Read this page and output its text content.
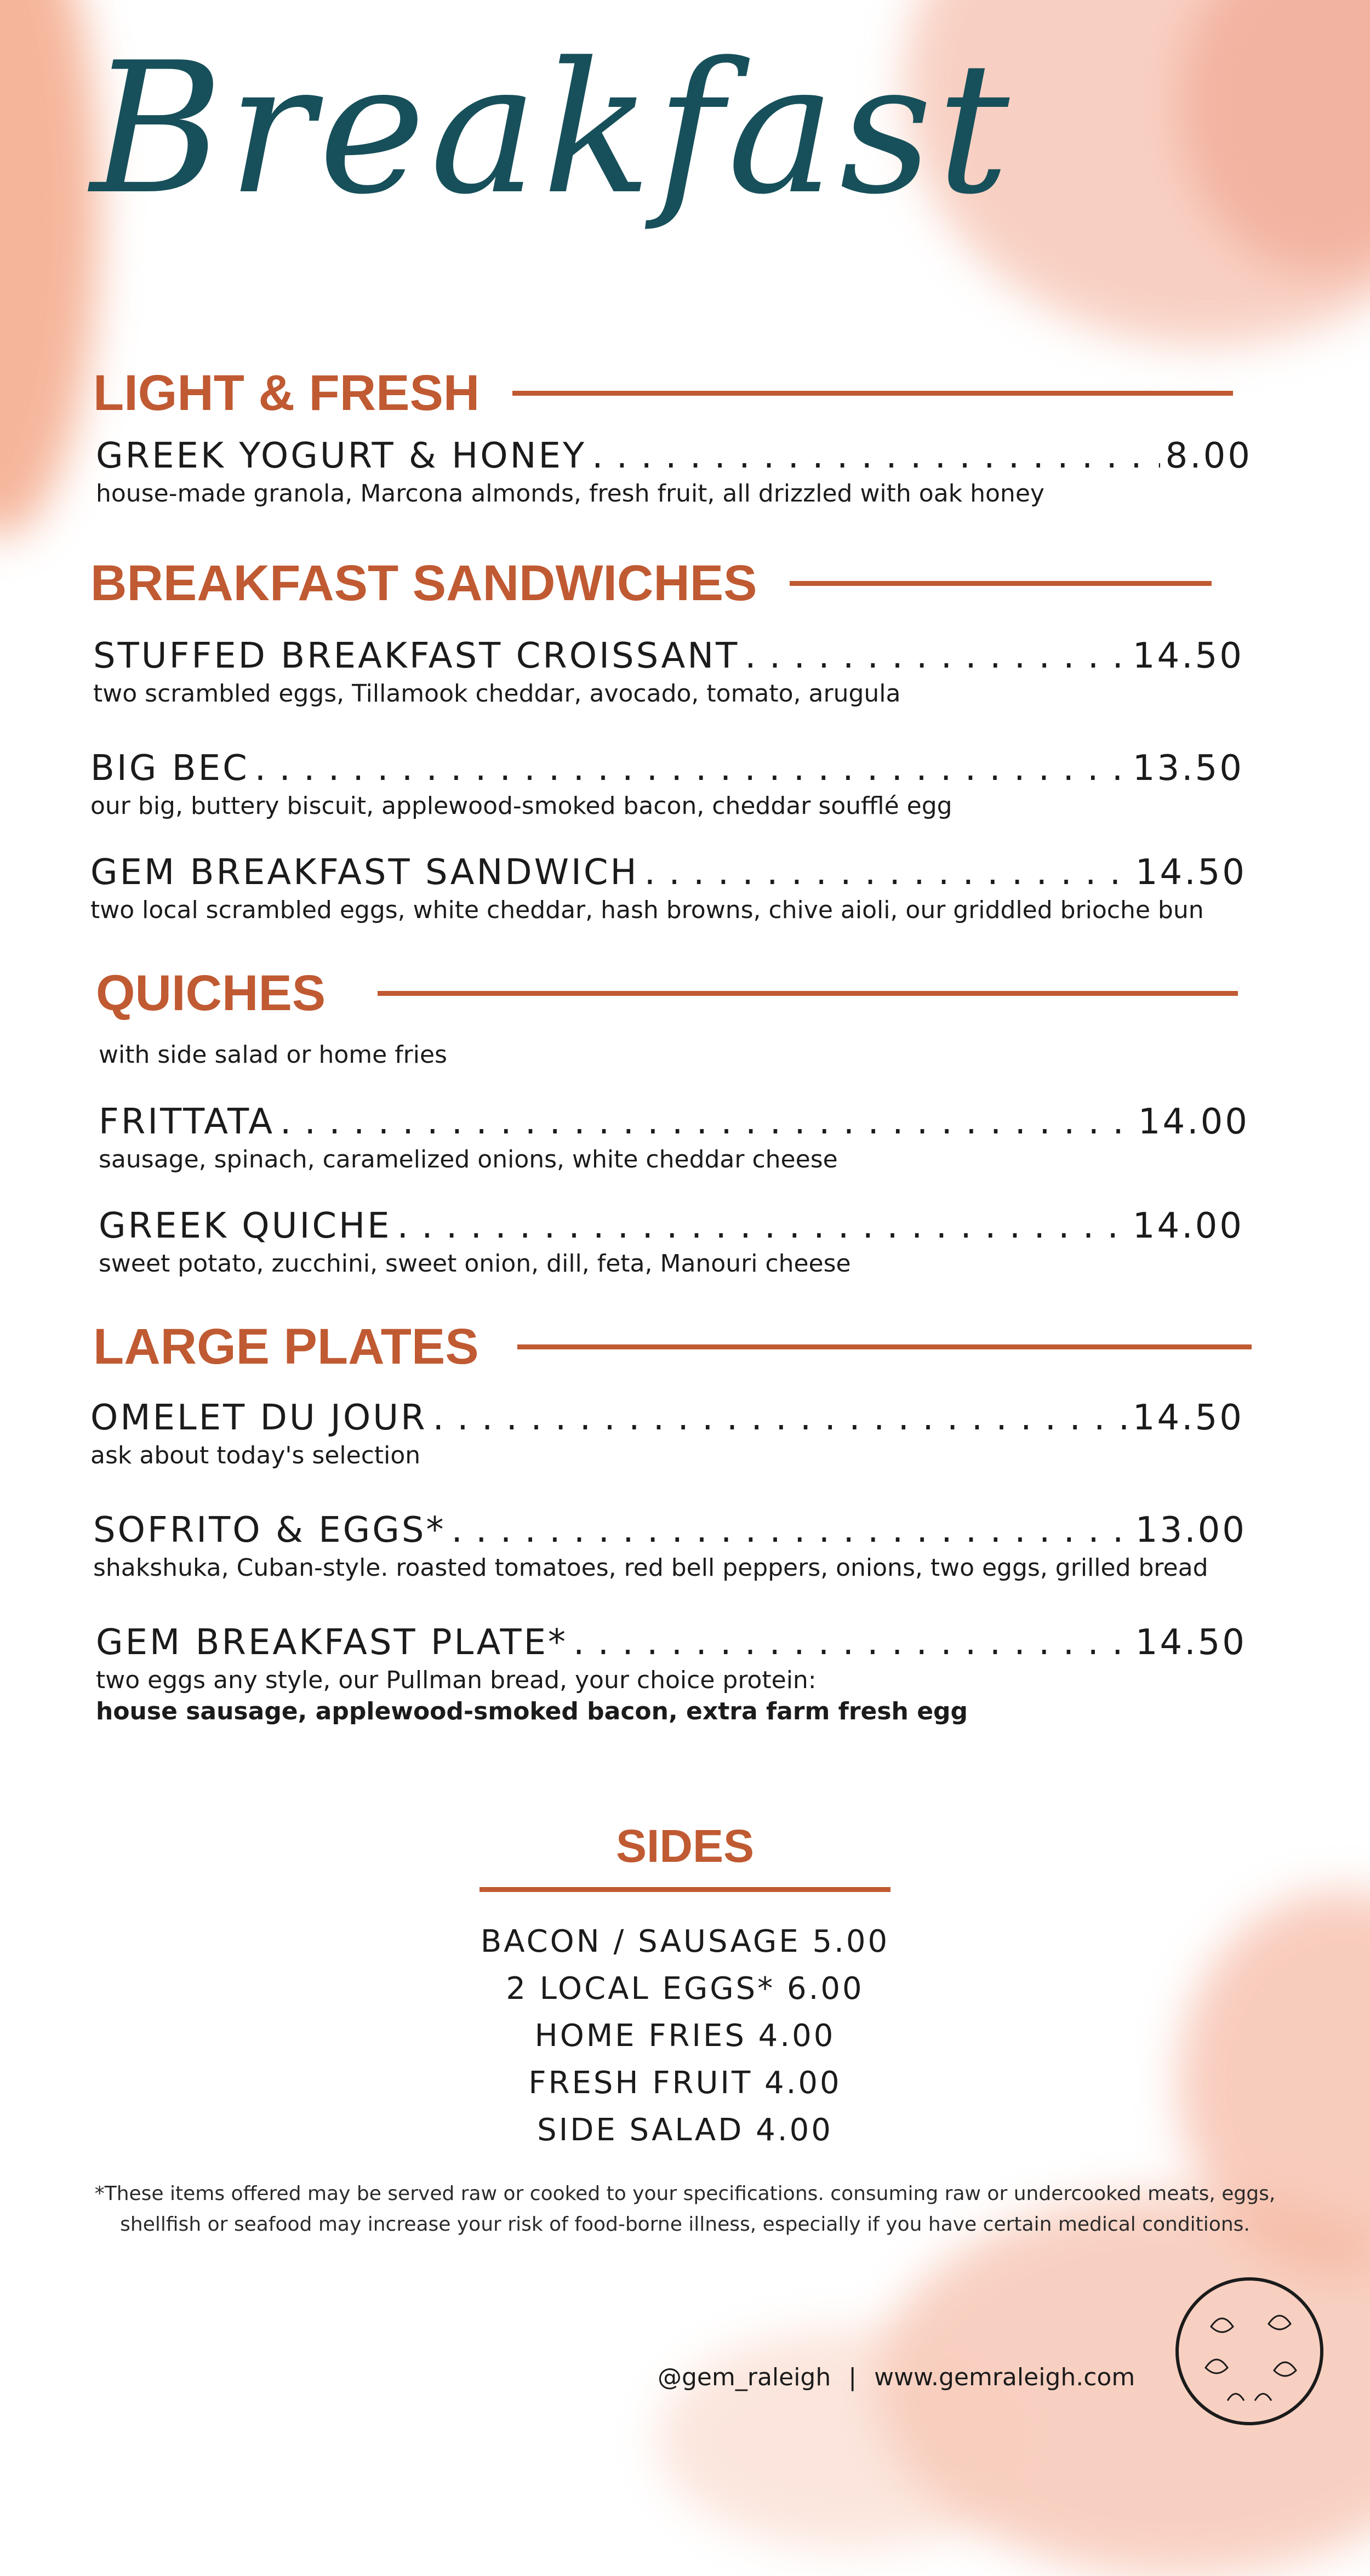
Breakfast
LIGHT & FRESH
GREEK YOGURT & HONEY . . .	8.00
house-made granola, Marcona almonds, fresh fruit, all drizzled with oak honey
BREAKFAST SANDWICHES
STUFFED BREAKFAST CROISSANT . . .	14.50
two scrambled eggs, Tillamook cheddar, avocado, tomato, arugula
BIG BEC . . .	13.50
our big, buttery biscuit, applewood-smoked bacon, cheddar soufflé egg
GEM BREAKFAST SANDWICH . . .	14.50
two local scrambled eggs, white cheddar, hash browns, chive aioli, our griddled brioche bun
QUICHES
with side salad or home fries
FRITTATA . . .	14.00
sausage, spinach, caramelized onions, white cheddar cheese
GREEK QUICHE . . .	14.00
sweet potato, zucchini, sweet onion, dill, feta, Manouri cheese
LARGE PLATES
OMELET DU JOUR . . .	14.50
ask about today's selection
SOFRITO & EGGS* . . .	13.00
shakshuka, Cuban-style. roasted tomatoes, red bell peppers, onions, two eggs, grilled bread
GEM BREAKFAST PLATE* . . .	14.50
two eggs any style, our Pullman bread, your choice protein:
house sausage, applewood-smoked bacon, extra farm fresh egg
SIDES
BACON / SAUSAGE 5.00
2 LOCAL EGGS* 6.00
HOME FRIES 4.00
FRESH FRUIT 4.00
SIDE SALAD 4.00
*These items offered may be served raw or cooked to your specifications. consuming raw or undercooked meats, eggs, shellfish or seafood may increase your risk of food-borne illness, especially if you have certain medical conditions.
@gem_raleigh | www.gemraleigh.com
